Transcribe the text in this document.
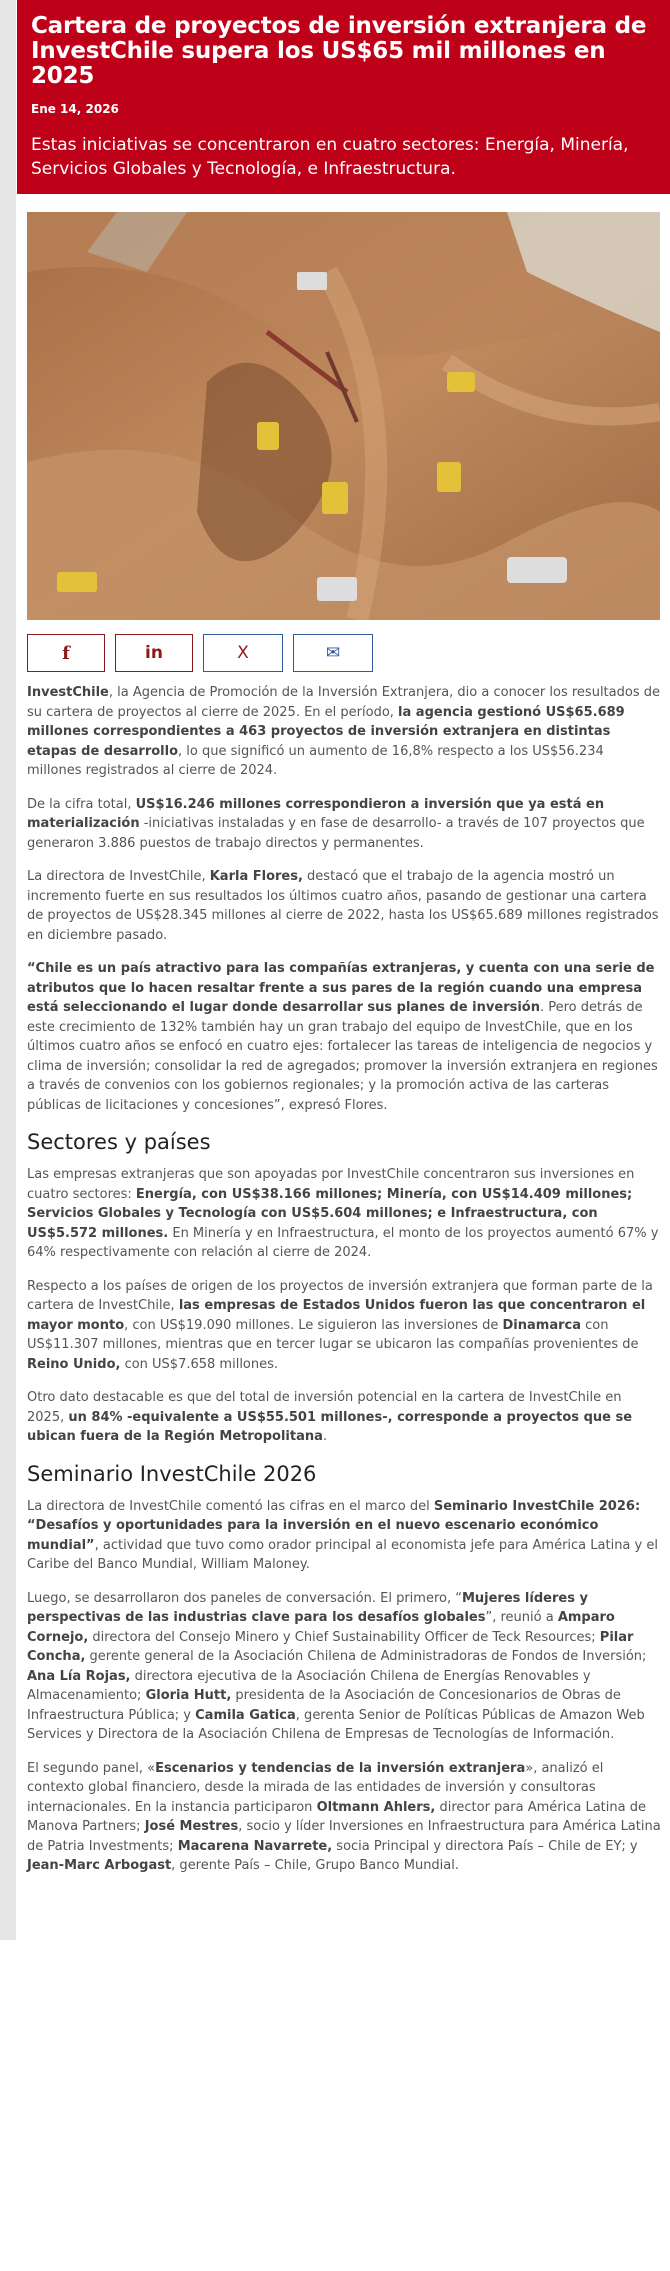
Cartera de proyectos de inversión extranjera de InvestChile supera los US$65 mil millones en 2025
Ene 14, 2026
Estas iniciativas se concentraron en cuatro sectores: Energía, Minería, Servicios Globales y Tecnología, e Infraestructura.
f	in	X	✉

InvestChile, la Agencia de Promoción de la Inversión Extranjera, dio a conocer los resultados de su cartera de proyectos al cierre de 2025. En el período, la agencia gestionó US$65.689 millones correspondientes a 463 proyectos de inversión extranjera en distintas etapas de desarrollo, lo que significó un aumento de 16,8% respecto a los US$56.234 millones registrados al cierre de 2024.

De la cifra total, US$16.246 millones correspondieron a inversión que ya está en materialización -iniciativas instaladas y en fase de desarrollo- a través de 107 proyectos que generaron 3.886 puestos de trabajo directos y permanentes.

La directora de InvestChile, Karla Flores, destacó que el trabajo de la agencia mostró un incremento fuerte en sus resultados los últimos cuatro años, pasando de gestionar una cartera de proyectos de US$28.345 millones al cierre de 2022, hasta los US$65.689 millones registrados en diciembre pasado.

“Chile es un país atractivo para las compañías extranjeras, y cuenta con una serie de atributos que lo hacen resaltar frente a sus pares de la región cuando una empresa está seleccionando el lugar donde desarrollar sus planes de inversión. Pero detrás de este crecimiento de 132% también hay un gran trabajo del equipo de InvestChile, que en los últimos cuatro años se enfocó en cuatro ejes: fortalecer las tareas de inteligencia de negocios y clima de inversión; consolidar la red de agregados; promover la inversión extranjera en regiones a través de convenios con los gobiernos regionales; y la promoción activa de las carteras públicas de licitaciones y concesiones”, expresó Flores.

Sectores y países

Las empresas extranjeras que son apoyadas por InvestChile concentraron sus inversiones en cuatro sectores: Energía, con US$38.166 millones; Minería, con US$14.409 millones; Servicios Globales y Tecnología con US$5.604 millones; e Infraestructura, con US$5.572 millones. En Minería y en Infraestructura, el monto de los proyectos aumentó 67% y 64% respectivamente con relación al cierre de 2024.

Respecto a los países de origen de los proyectos de inversión extranjera que forman parte de la cartera de InvestChile, las empresas de Estados Unidos fueron las que concentraron el mayor monto, con US$19.090 millones. Le siguieron las inversiones de Dinamarca con US$11.307 millones, mientras que en tercer lugar se ubicaron las compañías provenientes de Reino Unido, con US$7.658 millones.

Otro dato destacable es que del total de inversión potencial en la cartera de InvestChile en 2025, un 84% -equivalente a US$55.501 millones-, corresponde a proyectos que se ubican fuera de la Región Metropolitana.

Seminario InvestChile 2026

La directora de InvestChile comentó las cifras en el marco del Seminario InvestChile 2026: “Desafíos y oportunidades para la inversión en el nuevo escenario económico mundial”, actividad que tuvo como orador principal al economista jefe para América Latina y el Caribe del Banco Mundial, William Maloney.

Luego, se desarrollaron dos paneles de conversación. El primero, “Mujeres líderes y perspectivas de las industrias clave para los desafíos globales”, reunió a Amparo Cornejo, directora del Consejo Minero y Chief Sustainability Officer de Teck Resources; Pilar Concha, gerente general de la Asociación Chilena de Administradoras de Fondos de Inversión; Ana Lía Rojas, directora ejecutiva de la Asociación Chilena de Energías Renovables y Almacenamiento; Gloria Hutt, presidenta de la Asociación de Concesionarios de Obras de Infraestructura Pública; y Camila Gatica, gerenta Senior de Políticas Públicas de Amazon Web Services y Directora de la Asociación Chilena de Empresas de Tecnologías de Información.

El segundo panel, «Escenarios y tendencias de la inversión extranjera», analizó el contexto global financiero, desde la mirada de las entidades de inversión y consultoras internacionales. En la instancia participaron Oltmann Ahlers, director para América Latina de Manova Partners; José Mestres, socio y líder Inversiones en Infraestructura para América Latina de Patria Investments; Macarena Navarrete, socia Principal y directora País – Chile de EY; y Jean-Marc Arbogast, gerente País – Chile, Grupo Banco Mundial.
